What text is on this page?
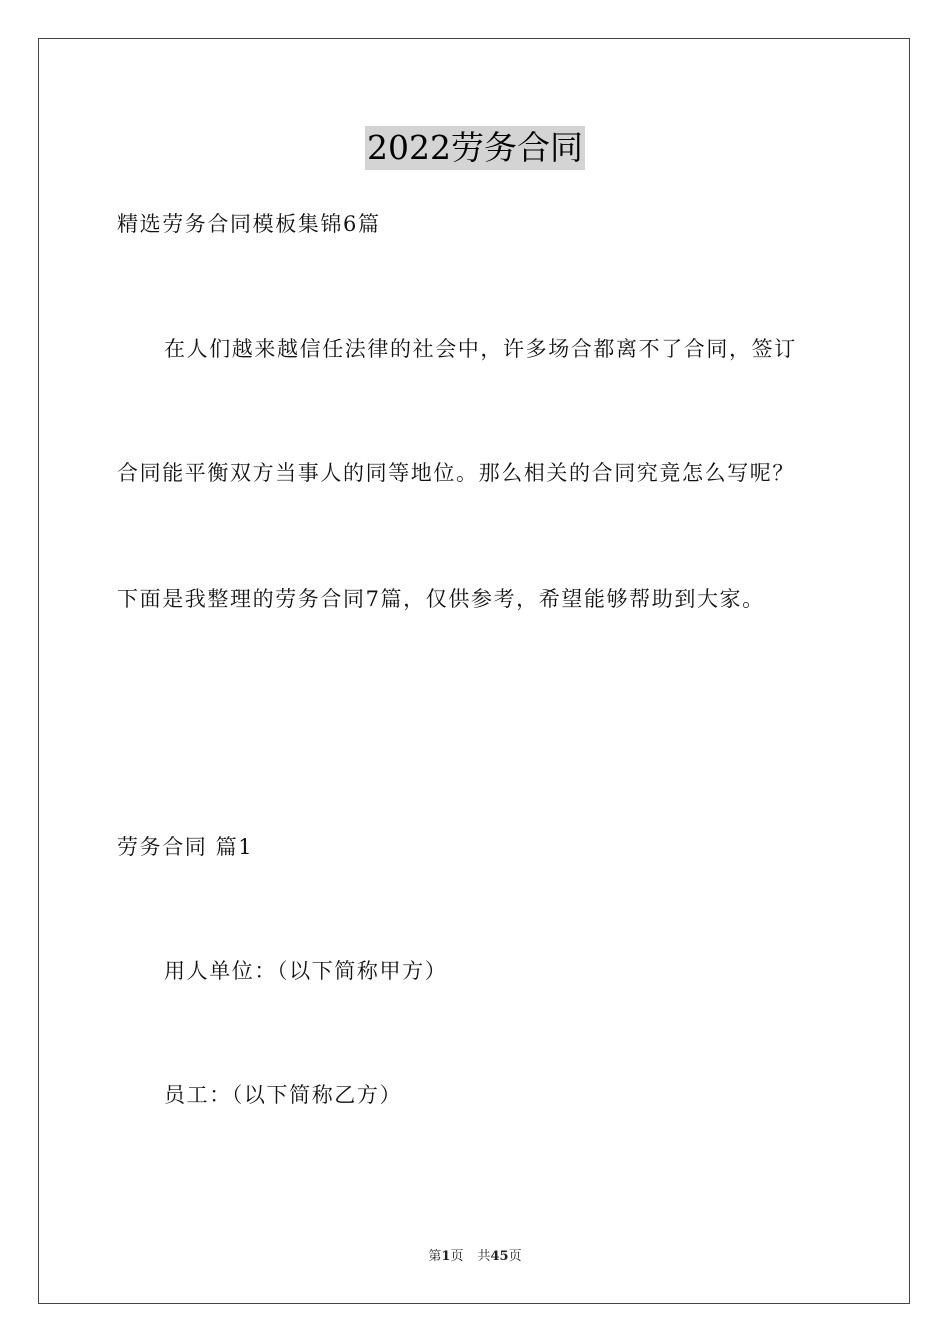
2022劳务合同
精选劳务合同模板集锦6篇
在人们越来越信任法律的社会中，许多场合都离不了合同，签订
合同能平衡双方当事人的同等地位。那么相关的合同究竟怎么写呢？
下面是我整理的劳务合同7篇，仅供参考，希望能够帮助到大家。
劳务合同 篇1
用人单位：（以下简称甲方）
员工：（以下简称乙方）
第1页 共45页
